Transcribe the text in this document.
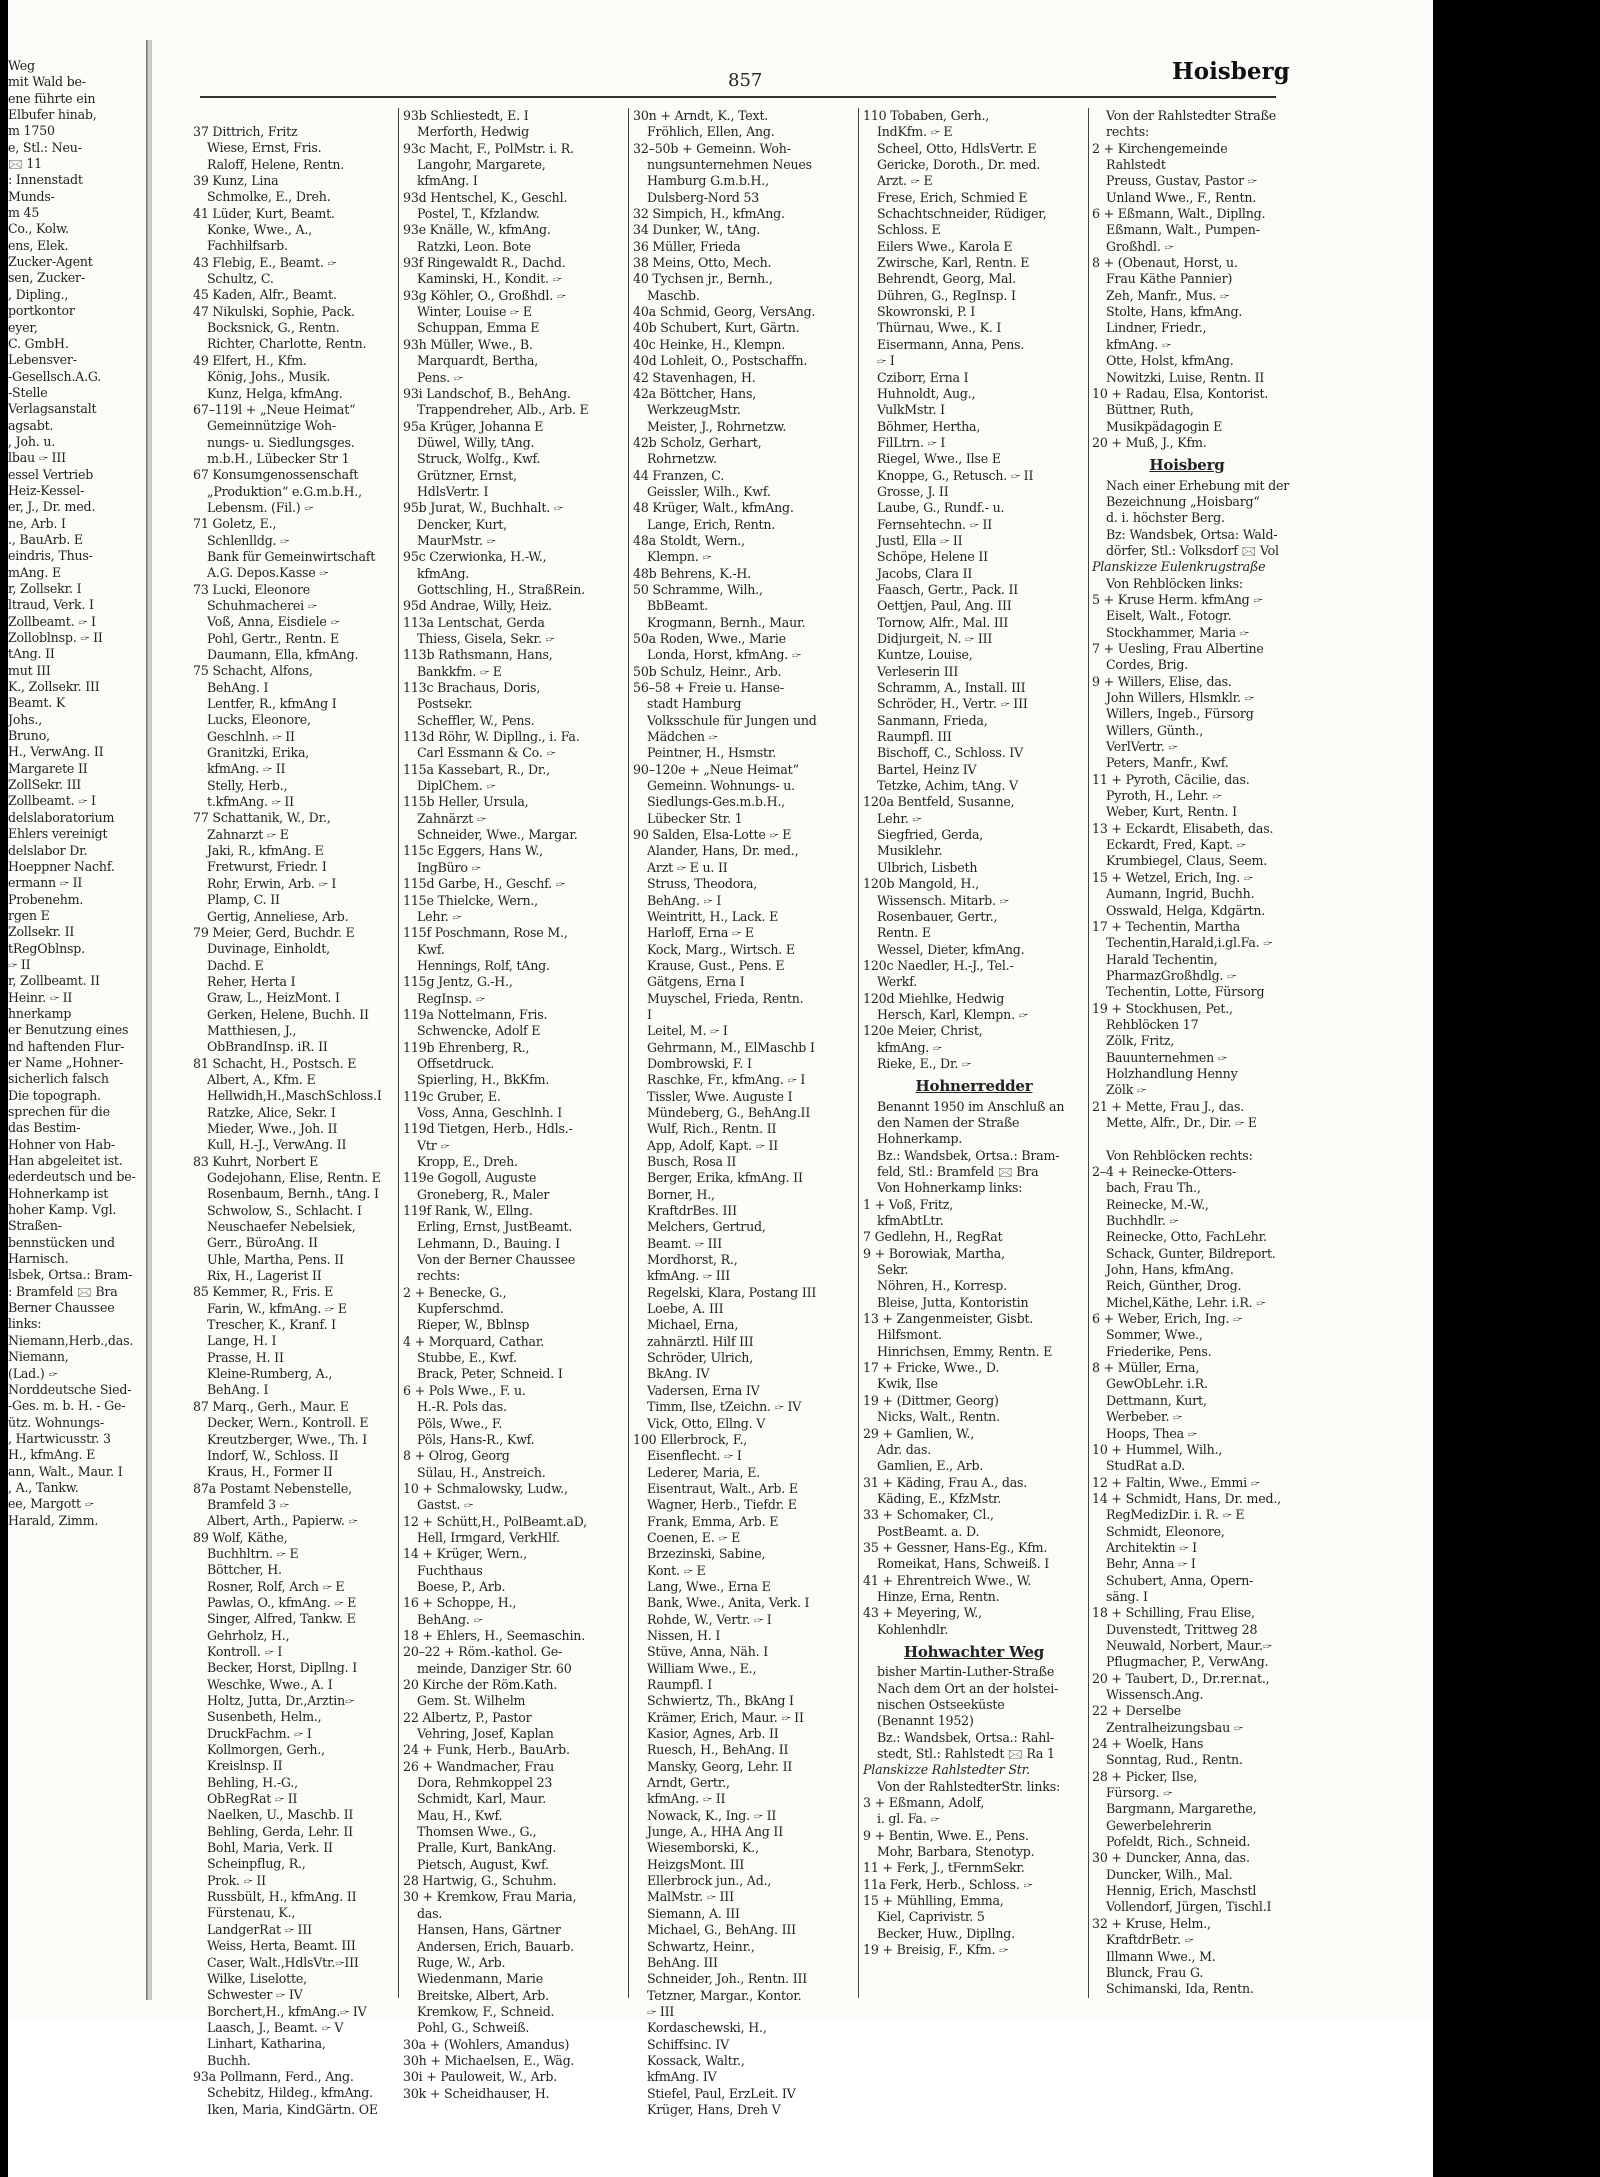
Weg

mit Wald be-

ene führte ein

Elbufer hinab,

m 1750

e, Stl.: Neu-

🖂 11

: Innenstadt

Munds-

m 45

Co., Kolw.

ens, Elek.

Zucker-Agent

sen, Zucker-

, Dipling.,

portkontor

eyer,

C. GmbH.

Lebensver-

-Gesellsch.A.G.

-Stelle

Verlagsanstalt

agsabt.

, Joh. u.

lbau 🖙 III

essel Vertrieb

Heiz-Kessel-

er, J., Dr. med.

ne, Arb. I

., BauArb. E

eindris, Thus-

mAng. E

r, Zollsekr. I

ltraud, Verk. I

Zollbeamt. 🖙 I

Zolloblnsp. 🖙 II

tAng. II

mut III

K., Zollsekr. III

Beamt. K

Johs.,

Bruno,

H., VerwAng. II

Margarete II

ZollSekr. III

Zollbeamt. 🖙 I

delslaboratorium

Ehlers vereinigt

delslabor Dr.

Hoeppner Nachf.

ermann 🖙 II

Probenehm.

rgen E

Zollsekr. II

tRegOblnsp.

🖙 II

r, Zollbeamt. II

Heinr. 🖙 II

hnerkamp

er Benutzung eines

nd haftenden Flur-

er Name „Hohner-

sicherlich falsch

Die topograph.

sprechen für die

das Bestim-

Hohner von Hab-

Han abgeleitet ist.

ederdeutsch und be-

Hohnerkamp ist

hoher Kamp. Vgl.

Straßen-

bennstücken und

Harnisch.

lsbek, Ortsa.: Bram-

: Bramfeld 🖂 Bra

Berner Chaussee

links:

Niemann,Herb.,das.

Niemann,

(Lad.) 🖙

Norddeutsche Sied-

-Ges. m. b. H. - Ge-

ütz. Wohnungs-

, Hartwicusstr. 3

H., kfmAng. E

ann, Walt., Maur. I

, A., Tankw.

ee, Margott 🖙

Harald, Zimm.

857	Hoisberg

37 Dittrich, Fritz

Wiese, Ernst, Fris.

Raloff, Helene, Rentn.

39 Kunz, Lina

Schmolke, E., Dreh.

41 Lüder, Kurt, Beamt.

Konke, Wwe., A.,

Fachhilfsarb.

43 Flebig, E., Beamt. 🖙

Schultz, C.

45 Kaden, Alfr., Beamt.

47 Nikulski, Sophie, Pack.

Bocksnick, G., Rentn.

Richter, Charlotte, Rentn.

49 Elfert, H., Kfm.

König, Johs., Musik.

Kunz, Helga, kfmAng.

67–119l + „Neue Heimat“

Gemeinnützige Woh-

nungs- u. Siedlungsges.

m.b.H., Lübecker Str 1

67 Konsumgenossenschaft

„Produktion“ e.G.m.b.H.,

Lebensm. (Fil.) 🖙

71 Goletz, E.,

Schlenlldg. 🖙

Bank für Gemeinwirtschaft

A.G. Depos.Kasse 🖙

73 Lucki, Eleonore

Schuhmacherei 🖙

Voß, Anna, Eisdiele 🖙

Pohl, Gertr., Rentn. E

Daumann, Ella, kfmAng.

75 Schacht, Alfons,

BehAng. I

Lentfer, R., kfmAng I

Lucks, Eleonore,

Geschlnh. 🖙 II

Granitzki, Erika,

kfmAng. 🖙 II

Stelly, Herb.,

t.kfmAng. 🖙 II

77 Schattanik, W., Dr.,

Zahnarzt 🖙 E

Jaki, R., kfmAng. E

Fretwurst, Friedr. I

Rohr, Erwin, Arb. 🖙 I

Plamp, C. II

Gertig, Anneliese, Arb.

79 Meier, Gerd, Buchdr. E

Duvinage, Einholdt,

Dachd. E

Reher, Herta I

Graw, L., HeizMont. I

Gerken, Helene, Buchh. II

Matthiesen, J.,

ObBrandInsp. iR. II

81 Schacht, H., Postsch. E

Albert, A., Kfm. E

Hellwidh,H.,MaschSchloss.I

Ratzke, Alice, Sekr. I

Mieder, Wwe., Joh. II

Kull, H.-J., VerwAng. II

83 Kuhrt, Norbert E

Godejohann, Elise, Rentn. E

Rosenbaum, Bernh., tAng. I

Schwolow, S., Schlacht. I

Neuschaefer Nebelsiek,

Gerr., BüroAng. II

Uhle, Martha, Pens. II

Rix, H., Lagerist II

85 Kemmer, R., Fris. E

Farin, W., kfmAng. 🖙 E

Trescher, K., Kranf. I

Lange, H. I

Prasse, H. II

Kleine-Rumberg, A.,

BehAng. I

87 Marq., Gerh., Maur. E

Decker, Wern., Kontroll. E

Kreutzberger, Wwe., Th. I

Indorf, W., Schloss. II

Kraus, H., Former II

87a Postamt Nebenstelle,

Bramfeld 3 🖙

Albert, Arth., Papierw. 🖙

89 Wolf, Käthe,

Buchhltrn. 🖙 E

Böttcher, H.

Rosner, Rolf, Arch 🖙 E

Pawlas, O., kfmAng. 🖙 E

Singer, Alfred, Tankw. E

Gehrholz, H.,

Kontroll. 🖙 I

Becker, Horst, Dipllng. I

Weschke, Wwe., A. I

Holtz, Jutta, Dr.,Arztin🖙

Susenbeth, Helm.,

DruckFachm. 🖙 I

Kollmorgen, Gerh.,

Kreislnsp. II

Behling, H.-G.,

ObRegRat 🖙 II

Naelken, U., Maschb. II

Behling, Gerda, Lehr. II

Bohl, Maria, Verk. II

Scheinpflug, R.,

Prok. 🖙 II

Russbült, H., kfmAng. II

Fürstenau, K.,

LandgerRat 🖙 III

Weiss, Herta, Beamt. III

Caser, Walt.,HdlsVtr.🖙III

Wilke, Liselotte,

Schwester 🖙 IV

Borchert,H., kfmAng.🖙 IV

Laasch, J., Beamt. 🖙 V

Linhart, Katharina,

Buchh.

93a Pollmann, Ferd., Ang.

Schebitz, Hildeg., kfmAng.

Iken, Maria, KindGärtn. OE

93b Schliestedt, E. I

Merforth, Hedwig

93c Macht, F., PolMstr. i. R.

Langohr, Margarete,

kfmAng. I

93d Hentschel, K., Geschl.

Postel, T., Kfzlandw.

93e Knälle, W., kfmAng.

Ratzki, Leon. Bote

93f Ringewaldt R., Dachd.

Kaminski, H., Kondit. 🖙

93g Köhler, O., Großhdl. 🖙

Winter, Louise 🖙 E

Schuppan, Emma E

93h Müller, Wwe., B.

Marquardt, Bertha,

Pens. 🖙

93i Landschof, B., BehAng.

Trappendreher, Alb., Arb. E

95a Krüger, Johanna E

Düwel, Willy, tAng.

Struck, Wolfg., Kwf.

Grützner, Ernst,

HdlsVertr. I

95b Jurat, W., Buchhalt. 🖙

Dencker, Kurt,

MaurMstr. 🖙

95c Czerwionka, H.-W.,

kfmAng.

Gottschling, H., StraßRein.

95d Andrae, Willy, Heiz.

113a Lentschat, Gerda

Thiess, Gisela, Sekr. 🖙

113b Rathsmann, Hans,

Bankkfm. 🖙 E

113c Brachaus, Doris,

Postsekr.

Scheffler, W., Pens.

113d Röhr, W. Dipllng., i. Fa.

Carl Essmann & Co. 🖙

115a Kassebart, R., Dr.,

DiplChem. 🖙

115b Heller, Ursula,

Zahnärzt 🖙

Schneider, Wwe., Margar.

115c Eggers, Hans W.,

IngBüro 🖙

115d Garbe, H., Geschf. 🖙

115e Thielcke, Wern.,

Lehr. 🖙

115f Poschmann, Rose M.,

Kwf.

Hennings, Rolf, tAng.

115g Jentz, G.-H.,

RegInsp. 🖙

119a Nottelmann, Fris.

Schwencke, Adolf E

119b Ehrenberg, R.,

Offsetdruck.

Spierling, H., BkKfm.

119c Gruber, E.

Voss, Anna, Geschlnh. I

119d Tietgen, Herb., Hdls.-

Vtr 🖙

Kropp, E., Dreh.

119e Gogoll, Auguste

Groneberg, R., Maler

119f Rank, W., Ellng.

Erling, Ernst, JustBeamt.

Lehmann, D., Bauing. I

Von der Berner Chaussee

rechts:

2 + Benecke, G.,

Kupferschmd.

Rieper, W., Bblnsp

4 + Morquard, Cathar.

Stubbe, E., Kwf.

Brack, Peter, Schneid. I

6 + Pols Wwe., F. u.

H.-R. Pols das.

Pöls, Wwe., F.

Pöls, Hans-R., Kwf.

8 + Olrog, Georg

Sülau, H., Anstreich.

10 + Schmalowsky, Ludw.,

Gastst. 🖙

12 + Schütt,H., PolBeamt.aD,

Hell, Irmgard, VerkHlf.

14 + Krüger, Wern.,

Fuchthaus

Boese, P., Arb.

16 + Schoppe, H.,

BehAng. 🖙

18 + Ehlers, H., Seemaschin.

20–22 + Röm.-kathol. Ge-

meinde, Danziger Str. 60

20 Kirche der Röm.Kath.

Gem. St. Wilhelm

22 Albertz, P., Pastor

Vehring, Josef, Kaplan

24 + Funk, Herb., BauArb.

26 + Wandmacher, Frau

Dora, Rehmkoppel 23

Schmidt, Karl, Maur.

Mau, H., Kwf.

Thomsen Wwe., G.,

Pralle, Kurt, BankAng.

Pietsch, August, Kwf.

28 Hartwig, G., Schuhm.

30 + Kremkow, Frau Maria,

das.

Hansen, Hans, Gärtner

Andersen, Erich, Bauarb.

Ruge, W., Arb.

Wiedenmann, Marie

Breitske, Albert, Arb.

Kremkow, F., Schneid.

Pohl, G., Schweiß.

30a + (Wohlers, Amandus)

30h + Michaelsen, E., Wäg.

30i + Pauloweit, W., Arb.

30k + Scheidhauser, H.

30n + Arndt, K., Text.

Fröhlich, Ellen, Ang.

32–50b + Gemeinn. Woh-

nungsunternehmen Neues

Hamburg G.m.b.H.,

Dulsberg-Nord 53

32 Simpich, H., kfmAng.

34 Dunker, W., tAng.

36 Müller, Frieda

38 Meins, Otto, Mech.

40 Tychsen jr., Bernh.,

Maschb.

40a Schmid, Georg, VersAng.

40b Schubert, Kurt, Gärtn.

40c Heinke, H., Klempn.

40d Lohleit, O., Postschaffn.

42 Stavenhagen, H.

42a Böttcher, Hans,

WerkzeugMstr.

Meister, J., Rohrnetzw.

42b Scholz, Gerhart,

Rohrnetzw.

44 Franzen, C.

Geissler, Wilh., Kwf.

48 Krüger, Walt., kfmAng.

Lange, Erich, Rentn.

48a Stoldt, Wern.,

Klempn. 🖙

48b Behrens, K.-H.

50 Schramme, Wilh.,

BbBeamt.

Krogmann, Bernh., Maur.

50a Roden, Wwe., Marie

Londa, Horst, kfmAng. 🖙

50b Schulz, Heinr., Arb.

56–58 + Freie u. Hanse-

stadt Hamburg

Volksschule für Jungen und

Mädchen 🖙

Peintner, H., Hsmstr.

90–120e + „Neue Heimat“

Gemeinn. Wohnungs- u.

Siedlungs-Ges.m.b.H.,

Lübecker Str. 1

90 Salden, Elsa-Lotte 🖙 E

Alander, Hans, Dr. med.,

Arzt 🖙 E u. II

Struss, Theodora,

BehAng. 🖙 I

Weintritt, H., Lack. E

Harloff, Erna 🖙 E

Kock, Marg., Wirtsch. E

Krause, Gust., Pens. E

Gätgens, Erna I

Muyschel, Frieda, Rentn.

I

Leitel, M. 🖙 I

Gehrmann, M., ElMaschb I

Dombrowski, F. I

Raschke, Fr., kfmAng. 🖙 I

Tissler, Wwe. Auguste I

Mündeberg, G., BehAng.II

Wulf, Rich., Rentn. II

App, Adolf, Kapt. 🖙 II

Busch, Rosa II

Berger, Erika, kfmAng. II

Borner, H.,

KraftdrBes. III

Melchers, Gertrud,

Beamt. 🖙 III

Mordhorst, R.,

kfmAng. 🖙 III

Regelski, Klara, Postang III

Loebe, A. III

Michael, Erna,

zahnärztl. Hilf III

Schröder, Ulrich,

BkAng. IV

Vadersen, Erna IV

Timm, Ilse, tZeichn. 🖙 IV

Vick, Otto, Ellng. V

100 Ellerbrock, F.,

Eisenflecht. 🖙 I

Lederer, Maria, E.

Eisentraut, Walt., Arb. E

Wagner, Herb., Tiefdr. E

Frank, Emma, Arb. E

Coenen, E. 🖙 E

Brzezinski, Sabine,

Kont. 🖙 E

Lang, Wwe., Erna E

Bank, Wwe., Anita, Verk. I

Rohde, W., Vertr. 🖙 I

Nissen, H. I

Stüve, Anna, Näh. I

William Wwe., E.,

Raumpfl. I

Schwiertz, Th., BkAng I

Krämer, Erich, Maur. 🖙 II

Kasior, Agnes, Arb. II

Ruesch, H., BehAng. II

Mansky, Georg, Lehr. II

Arndt, Gertr.,

kfmAng. 🖙 II

Nowack, K., Ing. 🖙 II

Junge, A., HHA Ang II

Wiesemborski, K.,

HeizgsMont. III

Ellerbrock jun., Ad.,

MalMstr. 🖙 III

Siemann, A. III

Michael, G., BehAng. III

Schwartz, Heinr.,

BehAng. III

Schneider, Joh., Rentn. III

Tetzner, Margar., Kontor.

🖙 III

Kordaschewski, H.,

Schiffsinc. IV

Kossack, Waltr.,

kfmAng. IV

Stiefel, Paul, ErzLeit. IV

Krüger, Hans, Dreh V

110 Tobaben, Gerh.,

IndKfm. 🖙 E

Scheel, Otto, HdlsVertr. E

Gericke, Doroth., Dr. med.

Arzt. 🖙 E

Frese, Erich, Schmied E

Schachtschneider, Rüdiger,

Schloss. E

Eilers Wwe., Karola E

Zwirsche, Karl, Rentn. E

Behrendt, Georg, Mal.

Dühren, G., RegInsp. I

Skowronski, P. I

Thürnau, Wwe., K. I

Eisermann, Anna, Pens.

🖙 I

Cziborr, Erna I

Huhnoldt, Aug.,

VulkMstr. I

Böhmer, Hertha,

FilLtrn. 🖙 I

Riegel, Wwe., Ilse E

Knoppe, G., Retusch. 🖙 II

Grosse, J. II

Laube, G., Rundf.- u.

Fernsehtechn. 🖙 II

Justl, Ella 🖙 II

Schöpe, Helene II

Jacobs, Clara II

Faasch, Gertr., Pack. II

Oettjen, Paul, Ang. III

Tornow, Alfr., Mal. III

Didjurgeit, N. 🖙 III

Kuntze, Louise,

Verleserin III

Schramm, A., Install. III

Schröder, H., Vertr. 🖙 III

Sanmann, Frieda,

Raumpfl. III

Bischoff, C., Schloss. IV

Bartel, Heinz IV

Tetzke, Achim, tAng. V

120a Bentfeld, Susanne,

Lehr. 🖙

Siegfried, Gerda,

Musiklehr.

Ulbrich, Lisbeth

120b Mangold, H.,

Wissensch. Mitarb. 🖙

Rosenbauer, Gertr.,

Rentn. E

Wessel, Dieter, kfmAng.

120c Naedler, H.-J., Tel.-

Werkf.

120d Miehlke, Hedwig

Hersch, Karl, Klempn. 🖙

120e Meier, Christ,

kfmAng. 🖙

Rieke, E., Dr. 🖙

Hohnerredder

Benannt 1950 im Anschluß an

den Namen der Straße

Hohnerkamp.

Bz.: Wandsbek, Ortsa.: Bram-

feld, Stl.: Bramfeld 🖂 Bra

Von Hohnerkamp links:

1 + Voß, Fritz,

kfmAbtLtr.

7 Gedlehn, H., RegRat

9 + Borowiak, Martha,

Sekr.

Nöhren, H., Korresp.

Bleise, Jutta, Kontoristin

13 + Zangenmeister, Gisbt.

Hilfsmont.

Hinrichsen, Emmy, Rentn. E

17 + Fricke, Wwe., D.

Kwik, Ilse

19 + (Dittmer, Georg)

Nicks, Walt., Rentn.

29 + Gamlien, W.,

Adr. das.

Gamlien, E., Arb.

31 + Käding, Frau A., das.

Käding, E., KfzMstr.

33 + Schomaker, Cl.,

PostBeamt. a. D.

35 + Gessner, Hans-Eg., Kfm.

Romeikat, Hans, Schweiß. I

41 + Ehrentreich Wwe., W.

Hinze, Erna, Rentn.

43 + Meyering, W.,

Kohlenhdlr.

Hohwachter Weg

bisher Martin-Luther-Straße

Nach dem Ort an der holstei-

nischen Ostseeküste

(Benannt 1952)

Bz.: Wandsbek, Ortsa.: Rahl-

stedt, Stl.: Rahlstedt 🖂 Ra 1

Planskizze Rahlstedter Str.

Von der RahlstedterStr. links:

3 + Eßmann, Adolf,

i. gl. Fa. 🖙

9 + Bentin, Wwe. E., Pens.

Mohr, Barbara, Stenotyp.

11 + Ferk, J., tFernmSekr.

11a Ferk, Herb., Schloss. 🖙

15 + Mühlling, Emma,

Kiel, Caprivistr. 5

Becker, Huw., Dipllng.

19 + Breisig, F., Kfm. 🖙

Von der Rahlstedter Straße

rechts:

2 + Kirchengemeinde

Rahlstedt

Preuss, Gustav, Pastor 🖙

Unland Wwe., F., Rentn.

6 + Eßmann, Walt., Dipllng.

Eßmann, Walt., Pumpen-

Großhdl. 🖙

8 + (Obenaut, Horst, u.

Frau Käthe Pannier)

Zeh, Manfr., Mus. 🖙

Stolte, Hans, kfmAng.

Lindner, Friedr.,

kfmAng. 🖙

Otte, Holst, kfmAng.

Nowitzki, Luise, Rentn. II

10 + Radau, Elsa, Kontorist.

Büttner, Ruth,

Musikpädagogin E

20 + Muß, J., Kfm.

Hoisberg

Nach einer Erhebung mit der

Bezeichnung „Hoisbarg“

d. i. höchster Berg.

Bz: Wandsbek, Ortsa: Wald-

dörfer, Stl.: Volksdorf 🖂 Vol

Planskizze Eulenkrugstraße

Von Rehblöcken links:

5 + Kruse Herm. kfmAng 🖙

Eiselt, Walt., Fotogr.

Stockhammer, Maria 🖙

7 + Uesling, Frau Albertine

Cordes, Brig.

9 + Willers, Elise, das.

John Willers, Hlsmklr. 🖙

Willers, Ingeb., Fürsorg

Willers, Günth.,

VerlVertr. 🖙

Peters, Manfr., Kwf.

11 + Pyroth, Cäcilie, das.

Pyroth, H., Lehr. 🖙

Weber, Kurt, Rentn. I

13 + Eckardt, Elisabeth, das.

Eckardt, Fred, Kapt. 🖙

Krumbiegel, Claus, Seem.

15 + Wetzel, Erich, Ing. 🖙

Aumann, Ingrid, Buchh.

Osswald, Helga, Kdgärtn.

17 + Techentin, Martha

Techentin,Harald,i.gl.Fa. 🖙

Harald Techentin,

PharmazGroßhdlg. 🖙

Techentin, Lotte, Fürsorg

19 + Stockhusen, Pet.,

Rehblöcken 17

Zölk, Fritz,

Bauunternehmen 🖙

Holzhandlung Henny

Zölk 🖙

21 + Mette, Frau J., das.

Mette, Alfr., Dr., Dir. 🖙 E

Von Rehblöcken rechts:

2–4 + Reinecke-Otters-

bach, Frau Th.,

Reinecke, M.-W.,

Buchhdlr. 🖙

Reinecke, Otto, FachLehr.

Schack, Gunter, Bildreport.

John, Hans, kfmAng.

Reich, Günther, Drog.

Michel,Käthe, Lehr. i.R. 🖙

6 + Weber, Erich, Ing. 🖙

Sommer, Wwe.,

Friederike, Pens.

8 + Müller, Erna,

GewObLehr. i.R.

Dettmann, Kurt,

Werbeber. 🖙

Hoops, Thea 🖙

10 + Hummel, Wilh.,

StudRat a.D.

12 + Faltin, Wwe., Emmi 🖙

14 + Schmidt, Hans, Dr. med.,

RegMedizDir. i. R. 🖙 E

Schmidt, Eleonore,

Architektin 🖙 I

Behr, Anna 🖙 I

Schubert, Anna, Opern-

säng. I

18 + Schilling, Frau Elise,

Duvenstedt, Trittweg 28

Neuwald, Norbert, Maur.🖙

Pflugmacher, P., VerwAng.

20 + Taubert, D., Dr.rer.nat.,

Wissensch.Ang.

22 + Derselbe

Zentralheizungsbau 🖙

24 + Woelk, Hans

Sonntag, Rud., Rentn.

28 + Picker, Ilse,

Fürsorg. 🖙

Bargmann, Margarethe,

Gewerbelehrerin

Pofeldt, Rich., Schneid.

30 + Duncker, Anna, das.

Duncker, Wilh., Mal.

Hennig, Erich, Maschstl

Vollendorf, Jürgen, Tischl.I

32 + Kruse, Helm.,

KraftdrBetr. 🖙

Illmann Wwe., M.

Blunck, Frau G.

Schimanski, Ida, Rentn.
